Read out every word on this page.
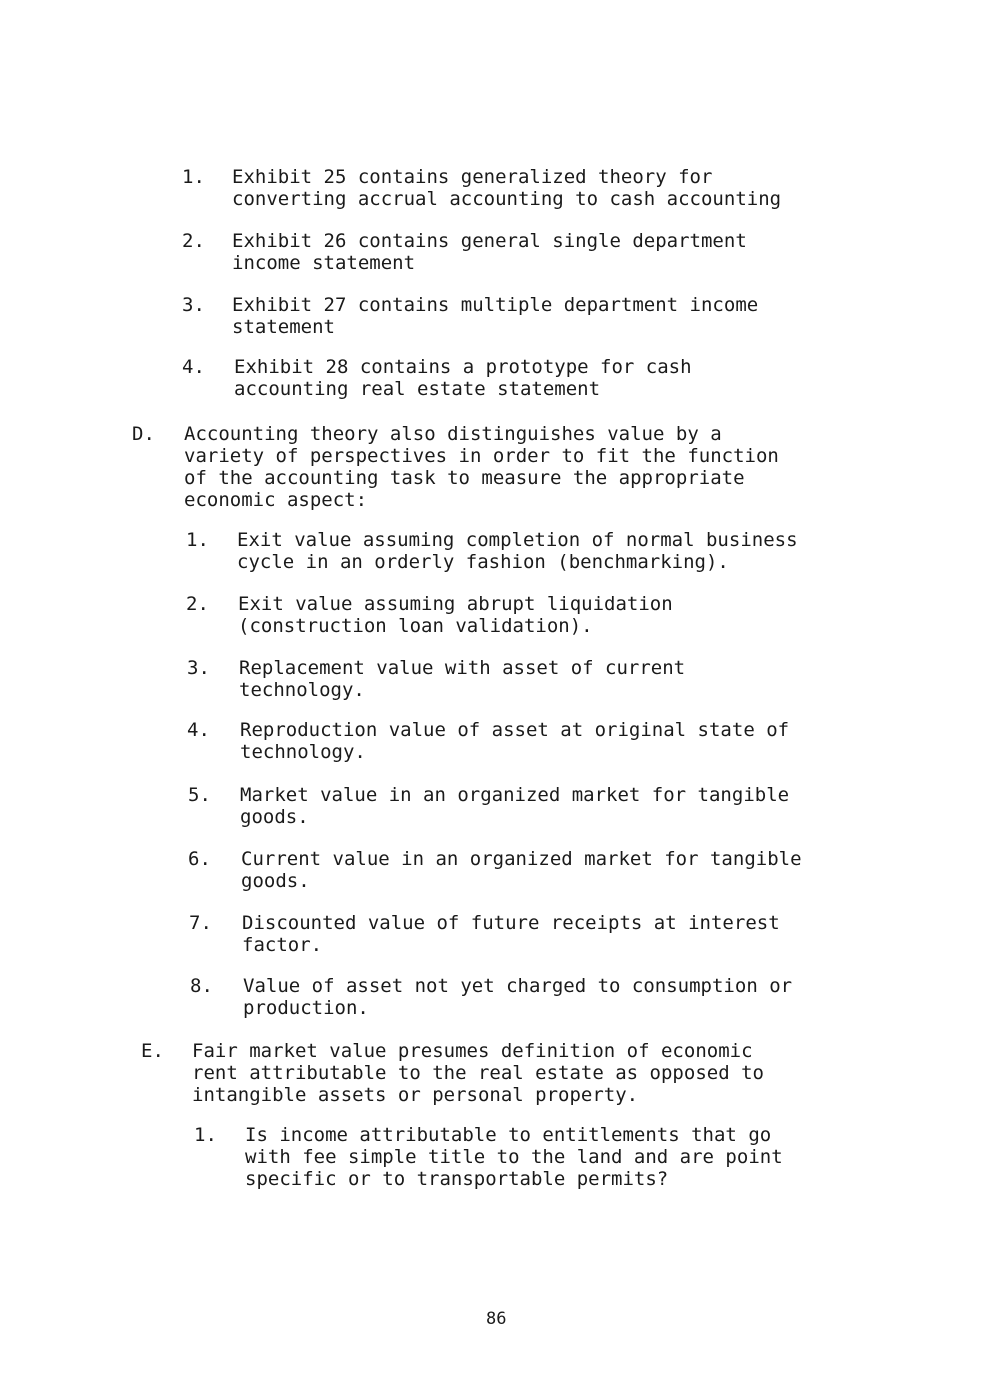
1. Exhibit 25 contains generalized theory for
converting accrual accounting to cash accounting
2. Exhibit 26 contains general single department
income statement
3. Exhibit 27 contains multiple department income
statement
4. Exhibit 28 contains a prototype for cash
accounting real estate statement
D. Accounting theory also distinguishes value by a
variety of perspectives in order to fit the function
of the accounting task to measure the appropriate
economic aspect:
1. Exit value assuming completion of normal business
cycle in an orderly fashion (benchmarking).
2. Exit value assuming abrupt liquidation
(construction loan validation).
3. Replacement value with asset of current
technology.
4. Reproduction value of asset at original state of
technology.
5. Market value in an organized market for tangible
goods.
6. Current value in an organized market for tangible
goods.
7. Discounted value of future receipts at interest
factor.
8. Value of asset not yet charged to consumption or
production.
E. Fair market value presumes definition of economic
rent attributable to the real estate as opposed to
intangible assets or personal property.
1. Is income attributable to entitlements that go
with fee simple title to the land and are point
specific or to transportable permits?
86
